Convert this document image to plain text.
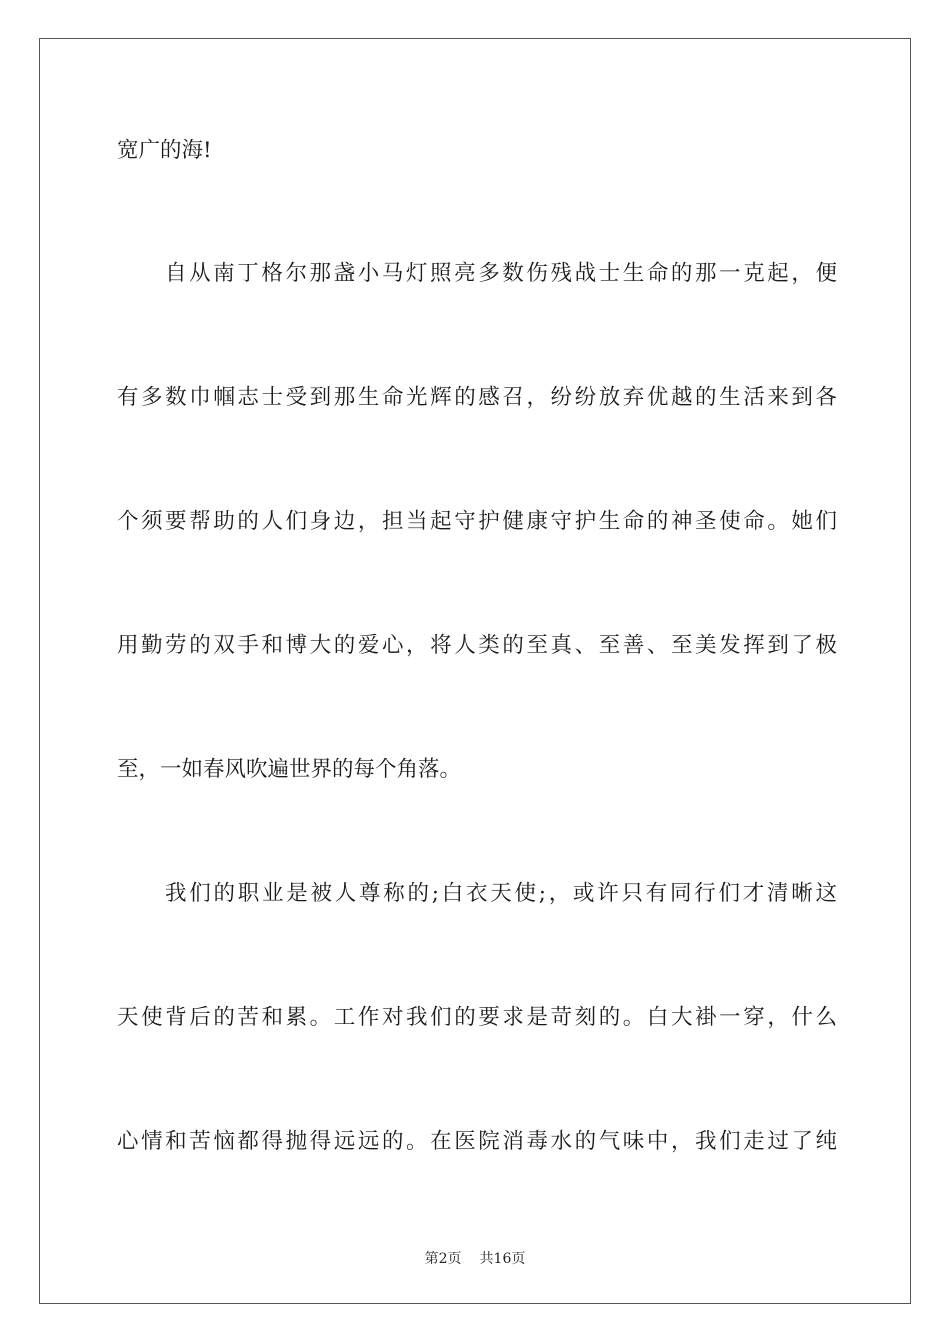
宽广的海!
自从南丁格尔那盏小马灯照亮多数伤残战士生命的那一克起，便
有多数巾帼志士受到那生命光辉的感召，纷纷放弃优越的生活来到各
个须要帮助的人们身边，担当起守护健康守护生命的神圣使命。她们
用勤劳的双手和博大的爱心，将人类的至真、至善、至美发挥到了极
至，一如春风吹遍世界的每个角落。
我们的职业是被人尊称的;白衣天使;，或许只有同行们才清晰这
天使背后的苦和累。工作对我们的要求是苛刻的。白大褂一穿，什么
心情和苦恼都得抛得远远的。在医院消毒水的气味中，我们走过了纯
第2页 共16页
